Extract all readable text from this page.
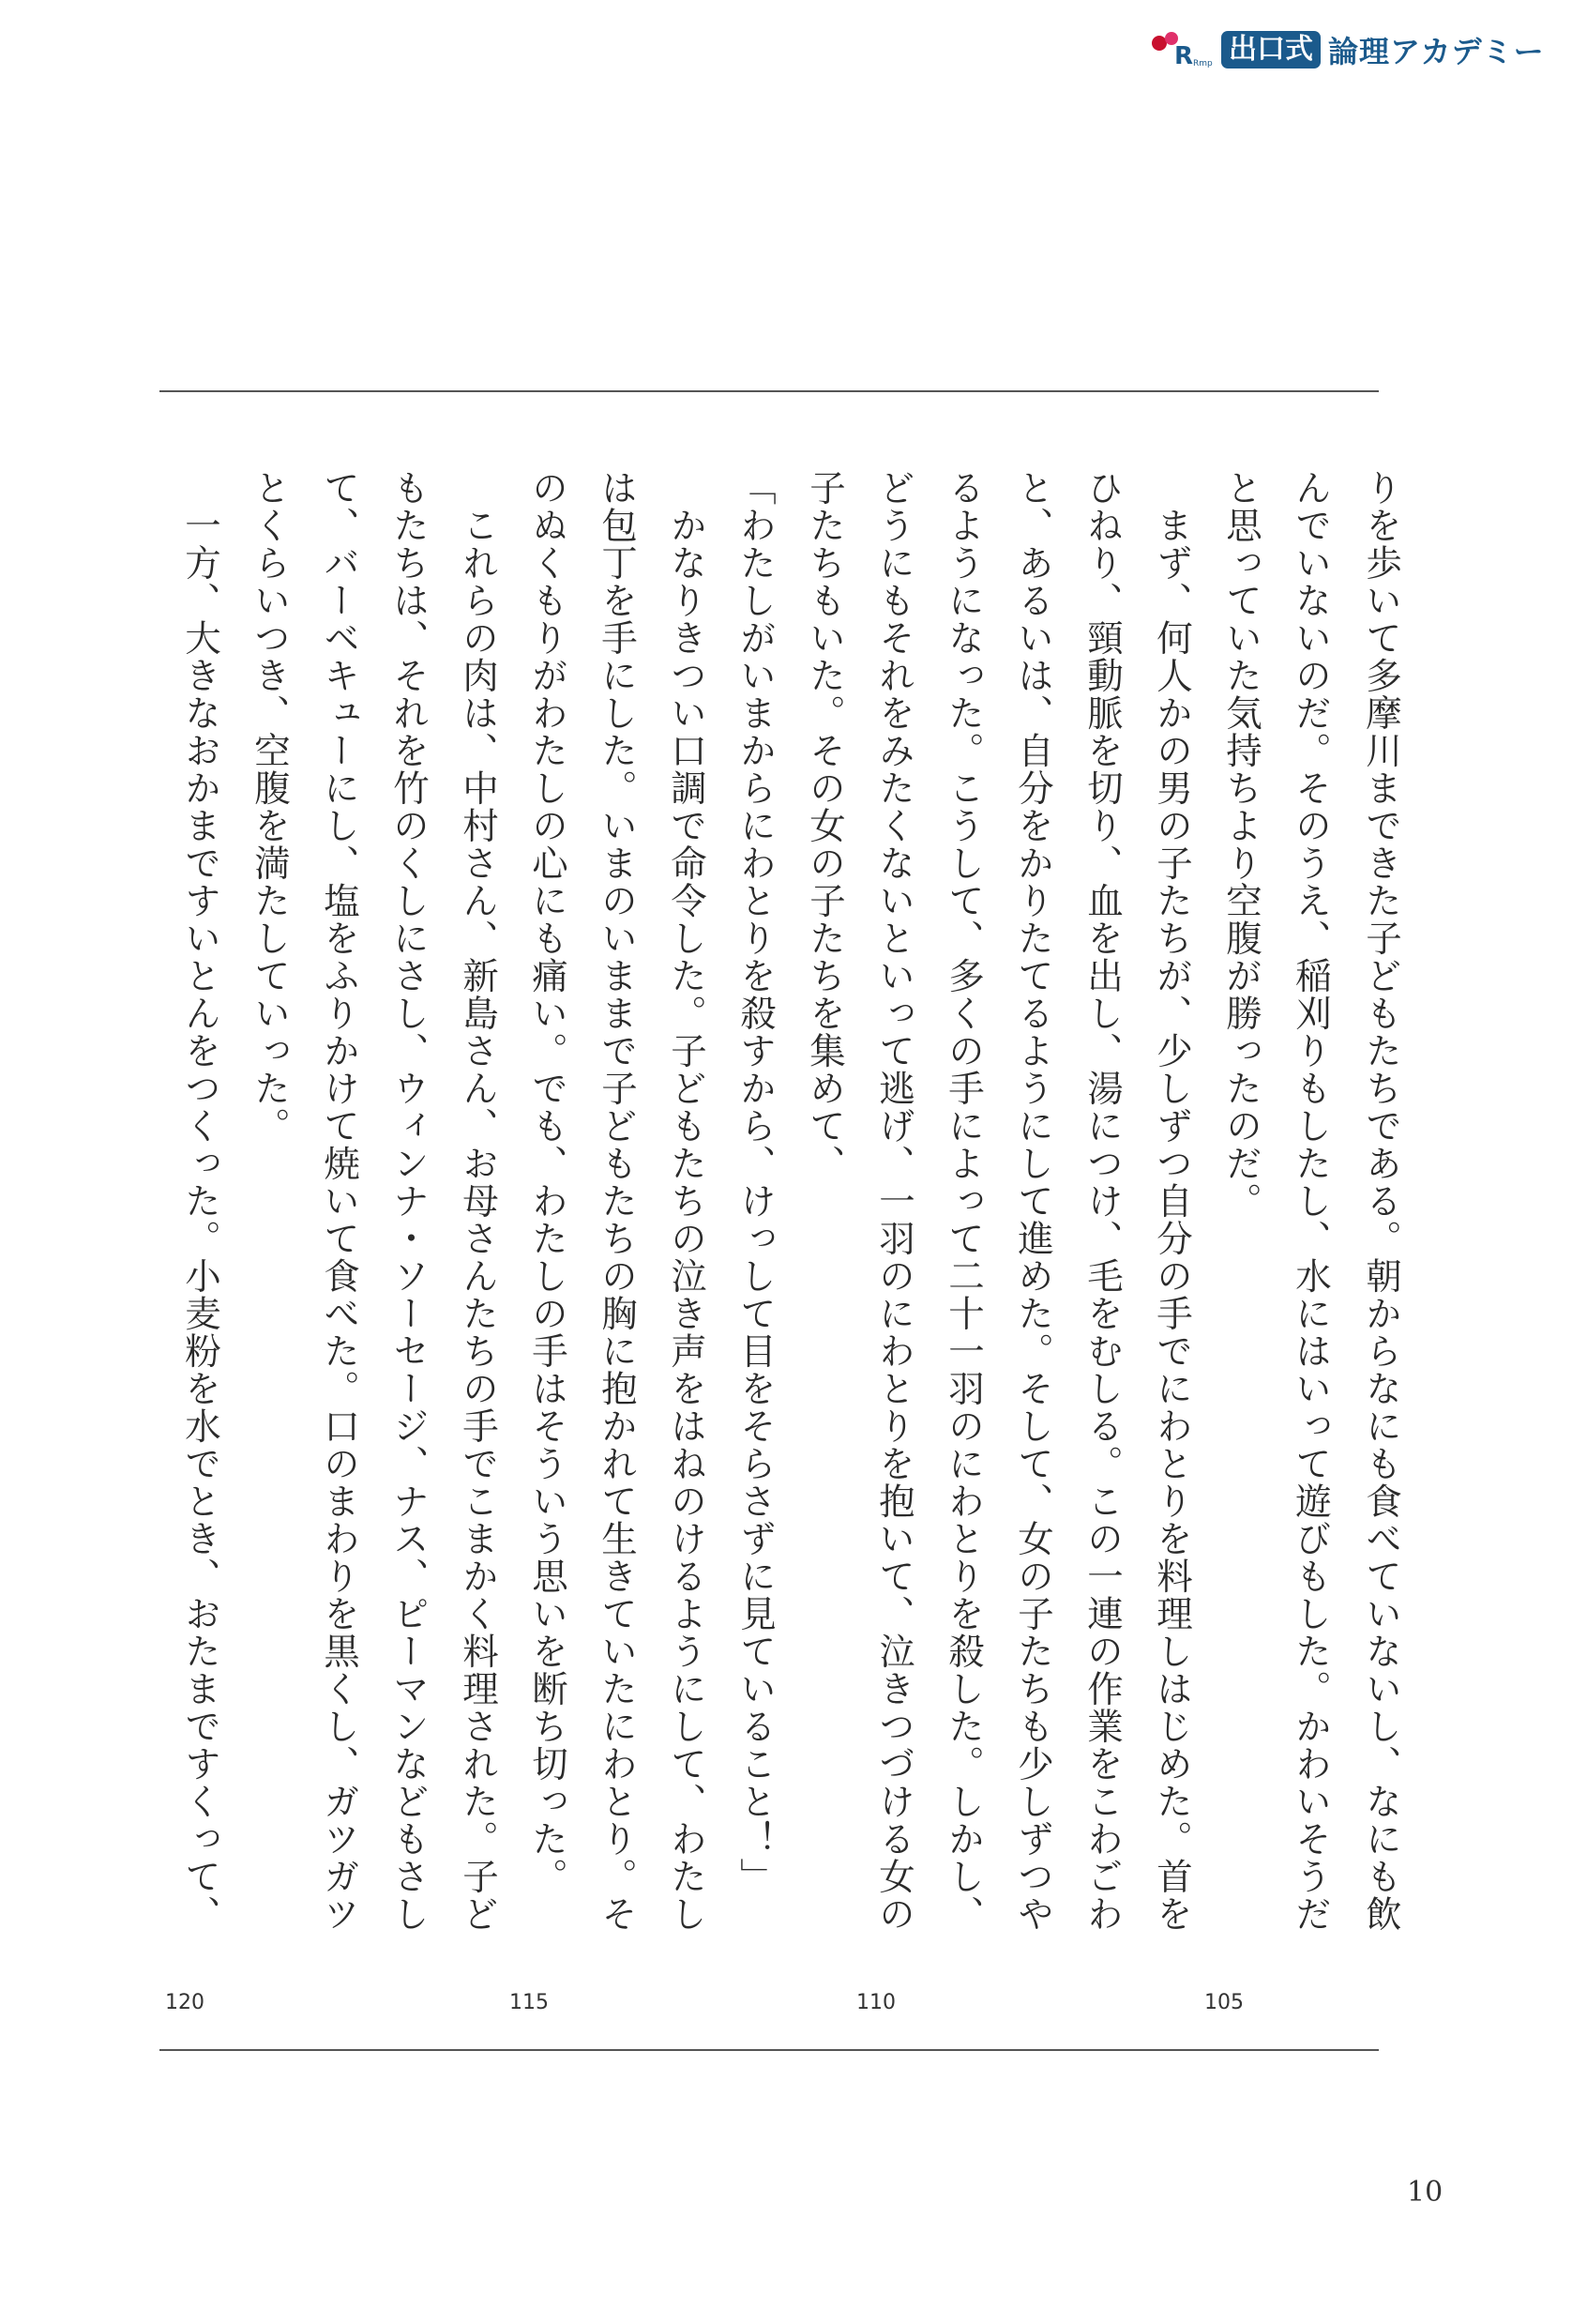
R Rmp 出口式 論理アカデミー
りを歩いて多摩川まできた子どもたちである。朝からなにも食べていないし、なにも飲
んでいないのだ。そのうえ、稲刈りもしたし、水にはいって遊びもした。かわいそうだ
と思っていた気持ちより空腹が勝ったのだ。
　まず、何人かの男の子たちが、少しずつ自分の手でにわとりを料理しはじめた。首を
ひねり、頸動脈を切り、血を出し、湯につけ、毛をむしる。この一連の作業をこわごわ
と、あるいは、自分をかりたてるようにして進めた。そして、女の子たちも少しずつや
るようになった。こうして、多くの手によって二十一羽のにわとりを殺した。しかし、
どうにもそれをみたくないといって逃げ、一羽のにわとりを抱いて、泣きつづける女の
子たちもいた。その女の子たちを集めて、
「わたしがいまからにわとりを殺すから、けっして目をそらさずに見ていること！」
　かなりきつい口調で命令した。子どもたちの泣き声をはねのけるようにして、わたし
は包丁を手にした。いまのいままで子どもたちの胸に抱かれて生きていたにわとり。そ
のぬくもりがわたしの心にも痛い。でも、わたしの手はそういう思いを断ち切った。
　これらの肉は、中村さん、新島さん、お母さんたちの手でこまかく料理された。子ど
もたちは、それを竹のくしにさし、ウィンナ・ソーセージ、ナス、ピーマンなどもさし
て、バーベキューにし、塩をふりかけて焼いて食べた。口のまわりを黒くし、ガツガツ
とくらいつき、空腹を満たしていった。
　一方、大きなおかまですいとんをつくった。小麦粉を水でとき、おたまですくって、
105
110
115
120
10
